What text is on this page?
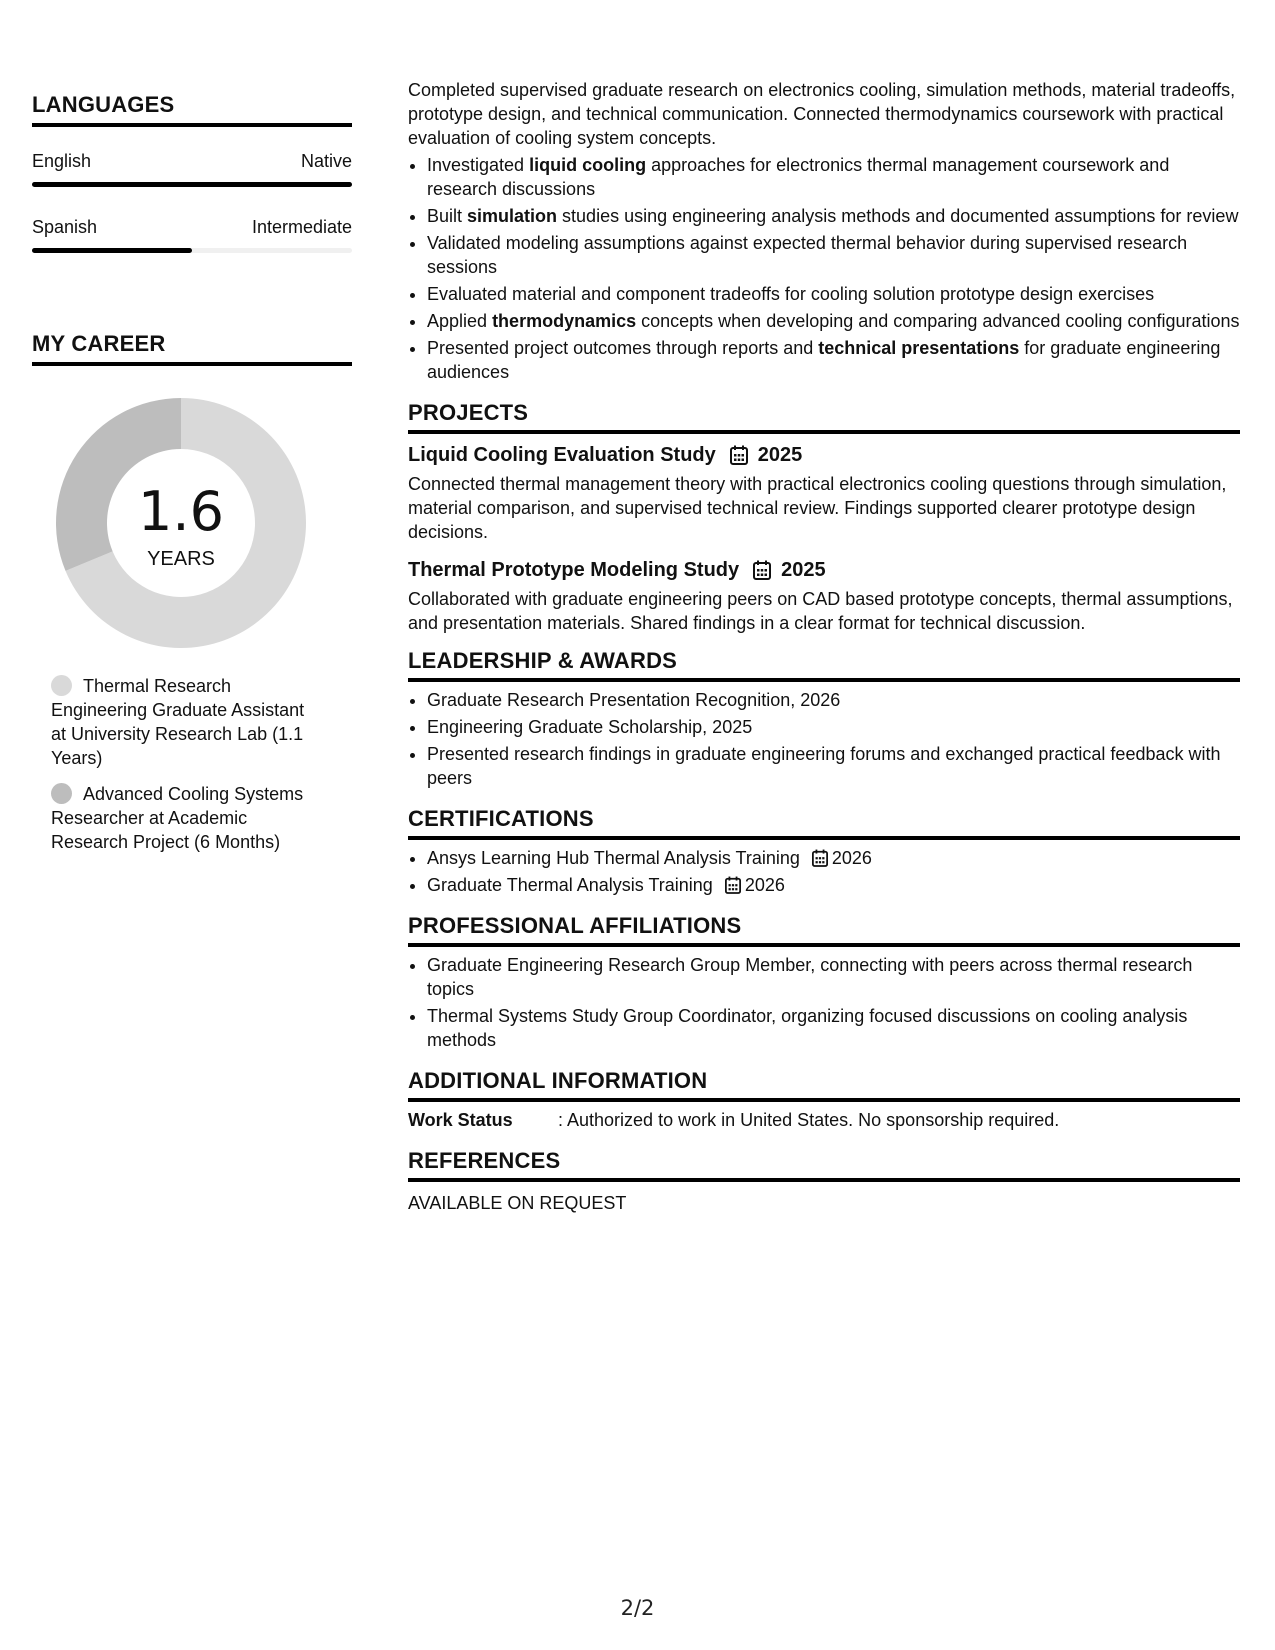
LANGUAGES
English	Native
Spanish	Intermediate
MY CAREER
1.6
YEARS
Thermal Research Engineering Graduate Assistant at University Research Lab (1.1 Years)
Advanced Cooling Systems Researcher at Academic Research Project (6 Months)

Completed supervised graduate research on electronics cooling, simulation methods, material tradeoffs, prototype design, and technical communication. Connected thermodynamics coursework with practical evaluation of cooling system concepts.

• Investigated liquid cooling approaches for electronics thermal management coursework and research discussions
• Built simulation studies using engineering analysis methods and documented assumptions for review
• Validated modeling assumptions against expected thermal behavior during supervised research sessions
• Evaluated material and component tradeoffs for cooling solution prototype design exercises
• Applied thermodynamics concepts when developing and comparing advanced cooling configurations
• Presented project outcomes through reports and technical presentations for graduate engineering audiences
PROJECTS
Liquid Cooling Evaluation Study 2025

Connected thermal management theory with practical electronics cooling questions through simulation, material comparison, and supervised technical review. Findings supported clearer prototype design decisions.

Thermal Prototype Modeling Study 2025

Collaborated with graduate engineering peers on CAD based prototype concepts, thermal assumptions, and presentation materials. Shared findings in a clear format for technical discussion.

LEADERSHIP & AWARDS
• Graduate Research Presentation Recognition, 2026
• Engineering Graduate Scholarship, 2025
• Presented research findings in graduate engineering forums and exchanged practical feedback with peers
CERTIFICATIONS
• Ansys Learning Hub Thermal Analysis Training 2026
• Graduate Thermal Analysis Training 2026
PROFESSIONAL AFFILIATIONS
• Graduate Engineering Research Group Member, connecting with peers across thermal research topics
• Thermal Systems Study Group Coordinator, organizing focused discussions on cooling analysis methods
ADDITIONAL INFORMATION
Work Status	: Authorized to work in United States. No sponsorship required.
REFERENCES

AVAILABLE ON REQUEST

2/2
